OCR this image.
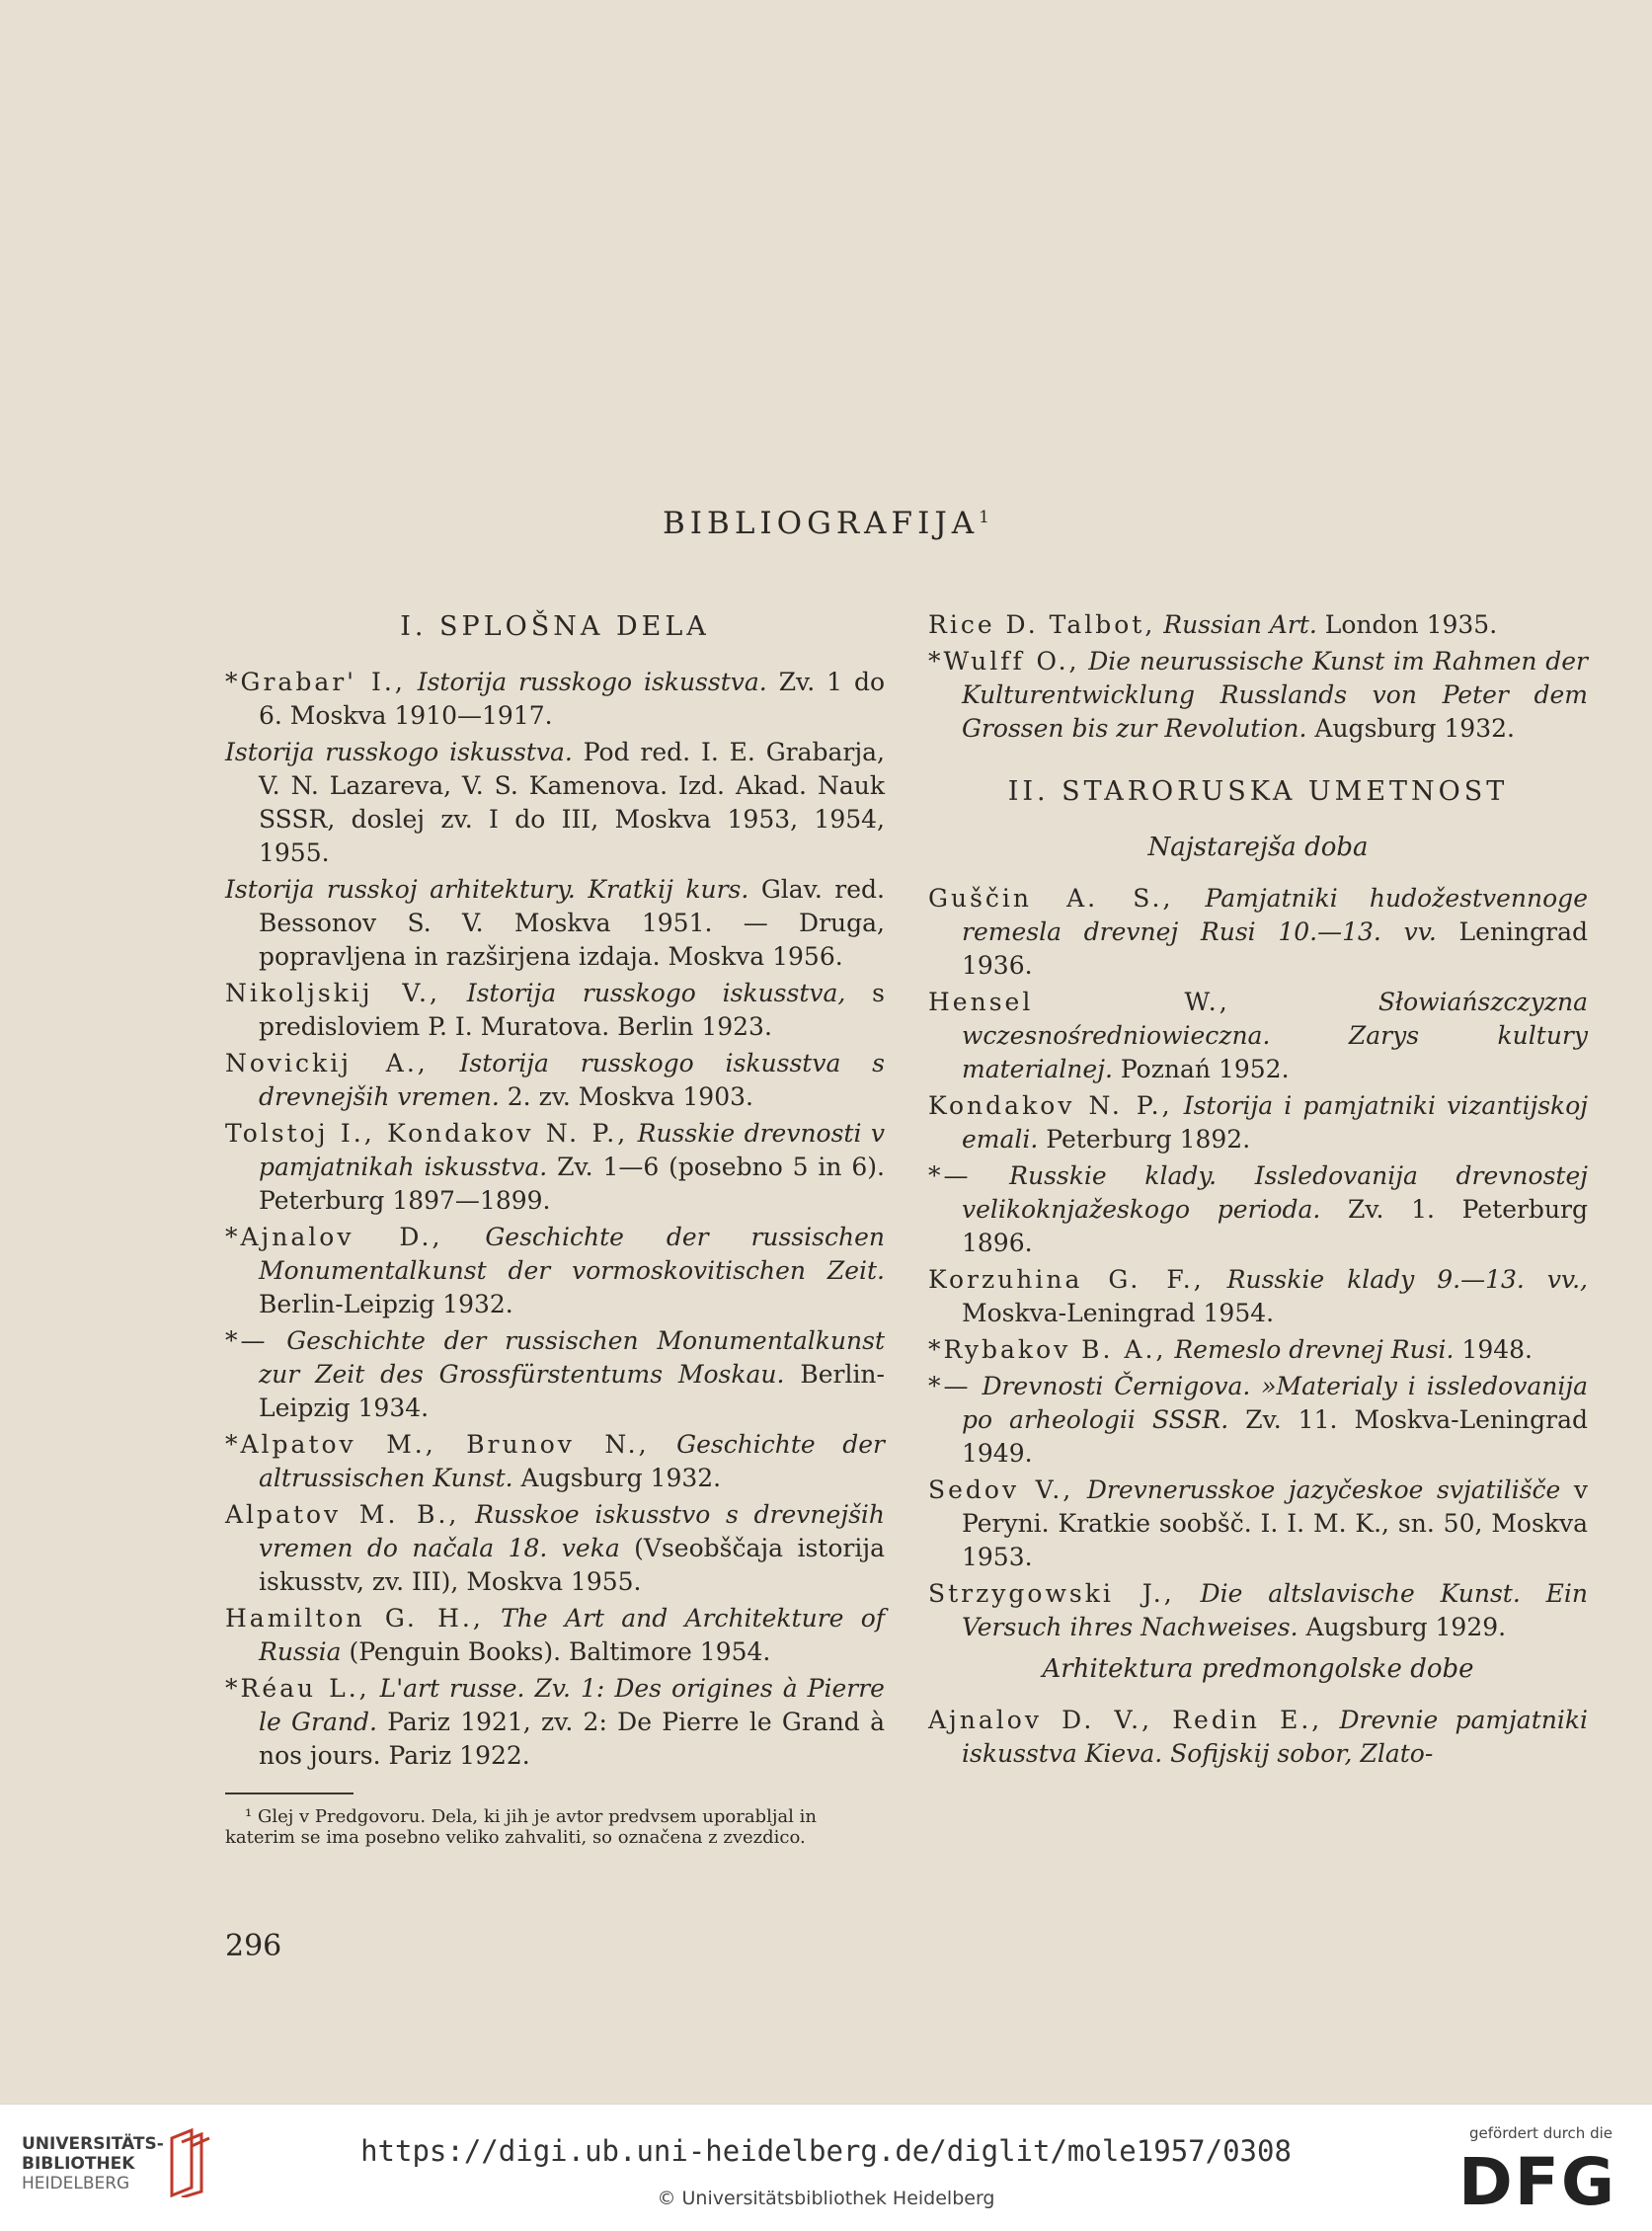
BIBLIOGRAFIJA$^1$
I. SPLOŠNA DELA
*Grabar' I., Istorija russkogo iskusstva. Zv. 1 do 6. Moskva 1910—1917.
Istorija russkogo iskusstva. Pod red. I. E. Grabarja, V. N. Lazareva, V. S. Kamenova. Izd. Akad. Nauk SSSR, doslej zv. I do III, Moskva 1953, 1954, 1955.
Istorija russkoj arhitektury. Kratkij kurs. Glav. red. Bessonov S. V. Moskva 1951. — Druga, popravljena in razširjena izdaja. Moskva 1956.
Nikoljskij V., Istorija russkogo iskusstva, s predisloviem P. I. Muratova. Berlin 1923.
Novickij A., Istorija russkogo iskusstva s drevnejših vremen. 2. zv. Moskva 1903.
Tolstoj I., Kondakov N. P., Russkie drevnosti v pamjatnikah iskusstva. Zv. 1—6 (posebno 5 in 6). Peterburg 1897—1899.
*Ajnalov D., Geschichte der russischen Monumentalkunst der vormoskovitischen Zeit. Berlin-Leipzig 1932.
*— Geschichte der russischen Monumentalkunst zur Zeit des Grossfürstentums Moskau. Berlin-Leipzig 1934.
*Alpatov M., Brunov N., Geschichte der altrussischen Kunst. Augsburg 1932.
Alpatov M. B., Russkoe iskusstvo s drevnejših vremen do načala 18. veka (Vseobščaja istorija iskusstv, zv. III), Moskva 1955.
Hamilton G. H., The Art and Architekture of Russia (Penguin Books). Baltimore 1954.
*Réau L., L'art russe. Zv. 1: Des origines à Pierre le Grand. Pariz 1921, zv. 2: De Pierre le Grand à nos jours. Pariz 1922.
¹ Glej v Predgovoru. Dela, ki jih je avtor predvsem uporabljal in katerim se ima posebno veliko zahvaliti, so označena z zvezdico.
Rice D. Talbot, Russian Art. London 1935.
*Wulff O., Die neurussische Kunst im Rahmen der Kulturentwicklung Russlands von Peter dem Grossen bis zur Revolution. Augsburg 1932.
II. STARORUSKA UMETNOST
Najstarejša doba
Guščin A. S., Pamjatniki hudožestvennoge remesla drevnej Rusi 10.—13. vv. Leningrad 1936.
Hensel W.,	Słowiańszczyzna wczesnośredniowieczna. Zarys kultury materialnej. Poznań 1952.
Kondakov N. P., Istorija i pamjatniki vizantijskoj emali. Peterburg 1892.
*— Russkie klady. Issledovanija drevnostej velikoknjažeskogo perioda. Zv. 1. Peterburg 1896.
Korzuhina G. F., Russkie klady 9.—13. vv., Moskva-Leningrad 1954.
*Rybakov B. A., Remeslo drevnej Rusi. 1948.
*— Drevnosti Černigova. »Materialy i issledovanija po arheologii SSSR. Zv. 11. Moskva-Leningrad 1949.
Sedov V., Drevnerusskoe jazyčeskoe svjatilišče v Peryni. Kratkie soobšč. I. I. M. K., sn. 50, Moskva 1953.
Strzygowski J., Die altslavische Kunst. Ein Versuch ihres Nachweises. Augsburg 1929.
Arhitektura predmongolske dobe
Ajnalov D. V., Redin E., Drevnie pamjatniki iskusstva Kieva. Sofijskij sobor, Zlato-
296
UNIVERSITÄTS-
BIBLIOTHEK
HEIDELBERG
https://digi.ub.uni-heidelberg.de/diglit/mole1957/0308
© Universitätsbibliothek Heidelberg
gefördert durch die
DFG
